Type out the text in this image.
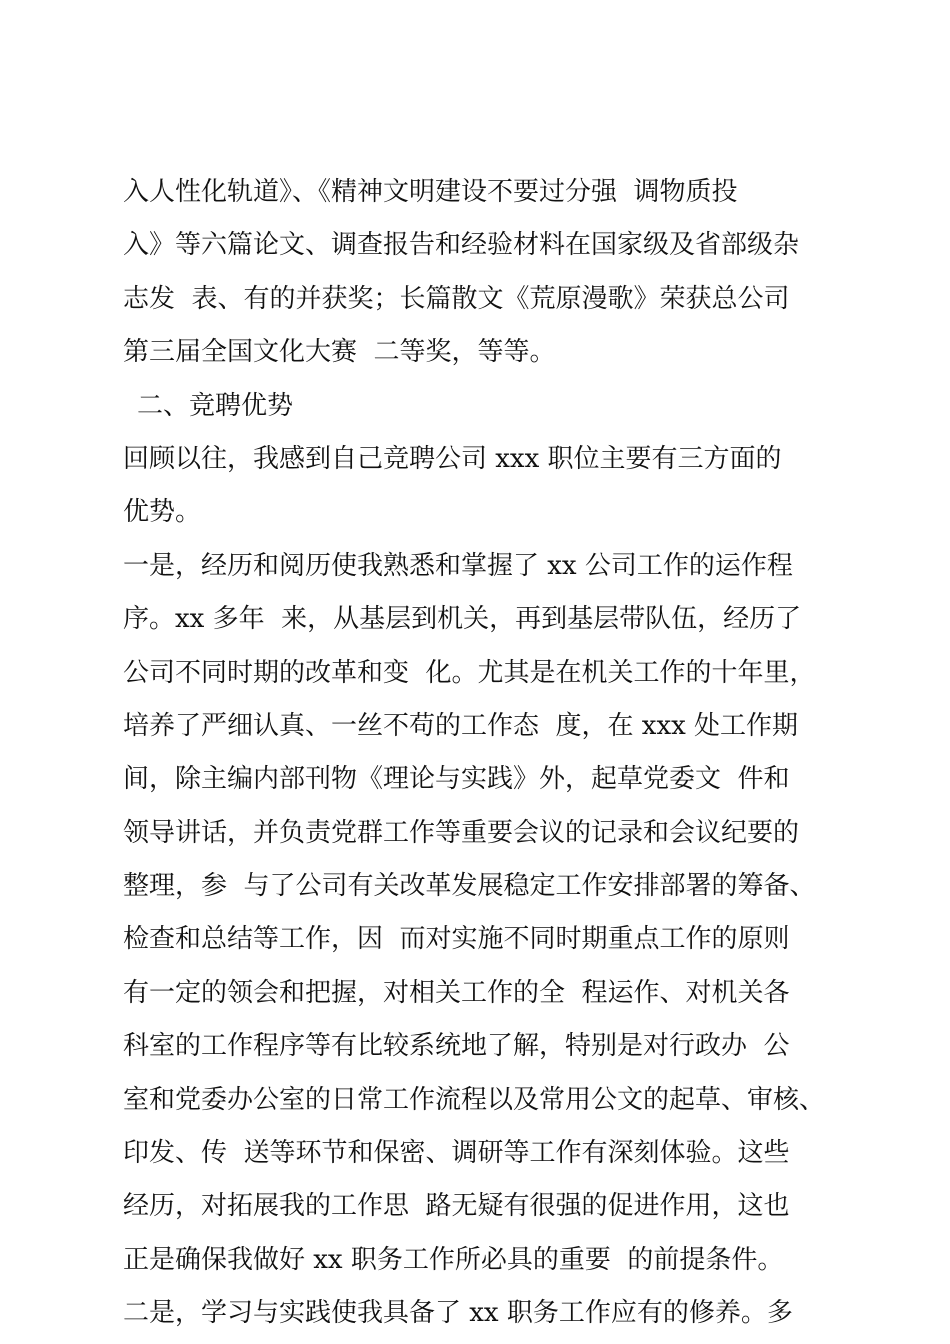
入人性化轨道》、《精神文明建设不要过分强  调物质投
入》等六篇论文、调查报告和经验材料在国家级及省部级杂
志发  表、有的并获奖；长篇散文《荒原漫歌》荣获总公司
第三届全国文化大赛  二等奖，等等。
二、竞聘优势
回顾以往，我感到自己竞聘公司 xxx 职位主要有三方面的
优势。
一是，经历和阅历使我熟悉和掌握了 xx 公司工作的运作程
序。xx 多年  来，从基层到机关，再到基层带队伍，经历了
公司不同时期的改革和变  化。尤其是在机关工作的十年里，
培养了严细认真、一丝不苟的工作态  度，在 xxx 处工作期
间，除主编内部刊物《理论与实践》外，起草党委文  件和
领导讲话，并负责党群工作等重要会议的记录和会议纪要的
整理，参  与了公司有关改革发展稳定工作安排部署的筹备、
检查和总结等工作，因  而对实施不同时期重点工作的原则
有一定的领会和把握，对相关工作的全  程运作、对机关各
科室的工作程序等有比较系统地了解，特别是对行政办  公
室和党委办公室的日常工作流程以及常用公文的起草、审核、
印发、传  送等环节和保密、调研等工作有深刻体验。这些
经历，对拓展我的工作思  路无疑有很强的促进作用，这也
正是确保我做好 xx 职务工作所必具的重要  的前提条件。
二是，学习与实践使我具备了 xx 职务工作应有的修养。多
